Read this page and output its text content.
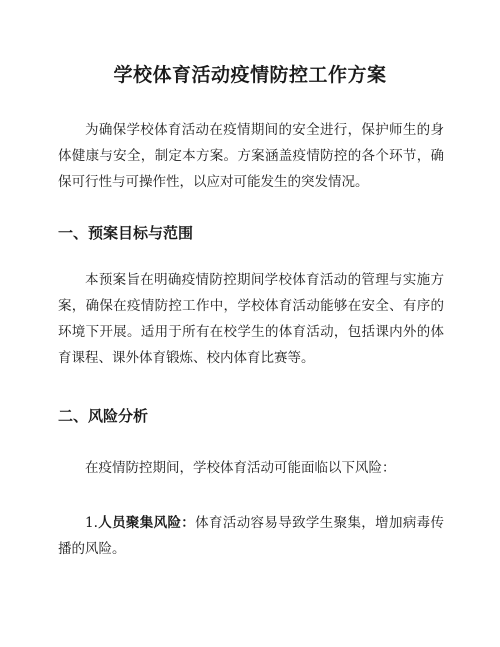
学校体育活动疫情防控工作方案

为确保学校体育活动在疫情期间的安全进行，保护师生的身体健康与安全，制定本方案。方案涵盖疫情防控的各个环节，确保可行性与可操作性，以应对可能发生的突发情况。

一、预案目标与范围

本预案旨在明确疫情防控期间学校体育活动的管理与实施方案，确保在疫情防控工作中，学校体育活动能够在安全、有序的环境下开展。适用于所有在校学生的体育活动，包括课内外的体育课程、课外体育锻炼、校内体育比赛等。

二、风险分析

在疫情防控期间，学校体育活动可能面临以下风险：

1.人员聚集风险：体育活动容易导致学生聚集，增加病毒传播的风险。
